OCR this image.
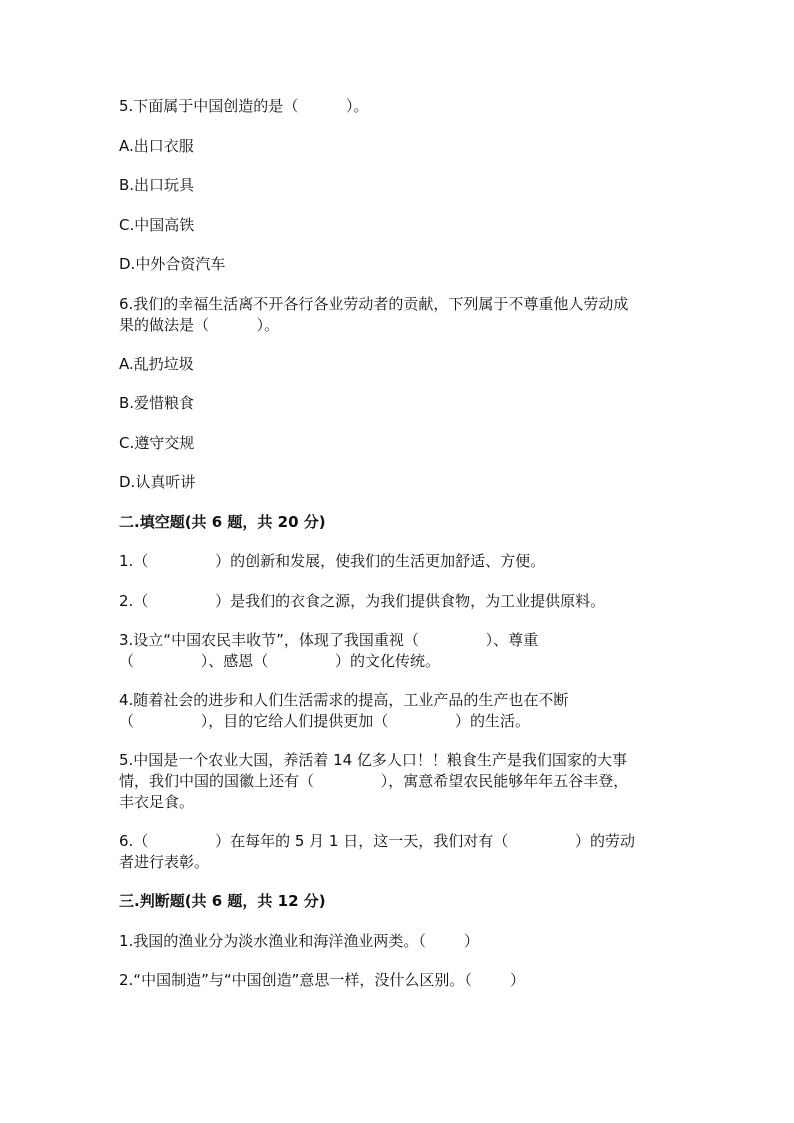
5.下面属于中国创造的是（          ）。
A.出口衣服
B.出口玩具
C.中国高铁
D.中外合资汽车
6.我们的幸福生活离不开各行各业劳动者的贡献，下列属于不尊重他人劳动成
果的做法是（          ）。
A.乱扔垃圾
B.爱惜粮食
C.遵守交规
D.认真听讲
二.填空题(共 6 题，共 20 分)
1.（              ）的创新和发展，使我们的生活更加舒适、方便。
2.（              ）是我们的衣食之源，为我们提供食物，为工业提供原料。
3.设立“中国农民丰收节”，体现了我国重视（              ）、尊重
（              ）、感恩（              ）的文化传统。
4.随着社会的进步和人们生活需求的提高，工业产品的生产也在不断
（              ），目的它给人们提供更加（              ）的生活。
5.中国是一个农业大国，养活着 14 亿多人口！！粮食生产是我们国家的大事
情，我们中国的国徽上还有（              ），寓意希望农民能够年年五谷丰登，
丰衣足食。
6.（              ）在每年的 5 月 1 日，这一天，我们对有（              ）的劳动
者进行表彰。
三.判断题(共 6 题，共 12 分)
1.我国的渔业分为淡水渔业和海洋渔业两类。（        ）
2.“中国制造”与“中国创造”意思一样，没什么区别。（        ）
